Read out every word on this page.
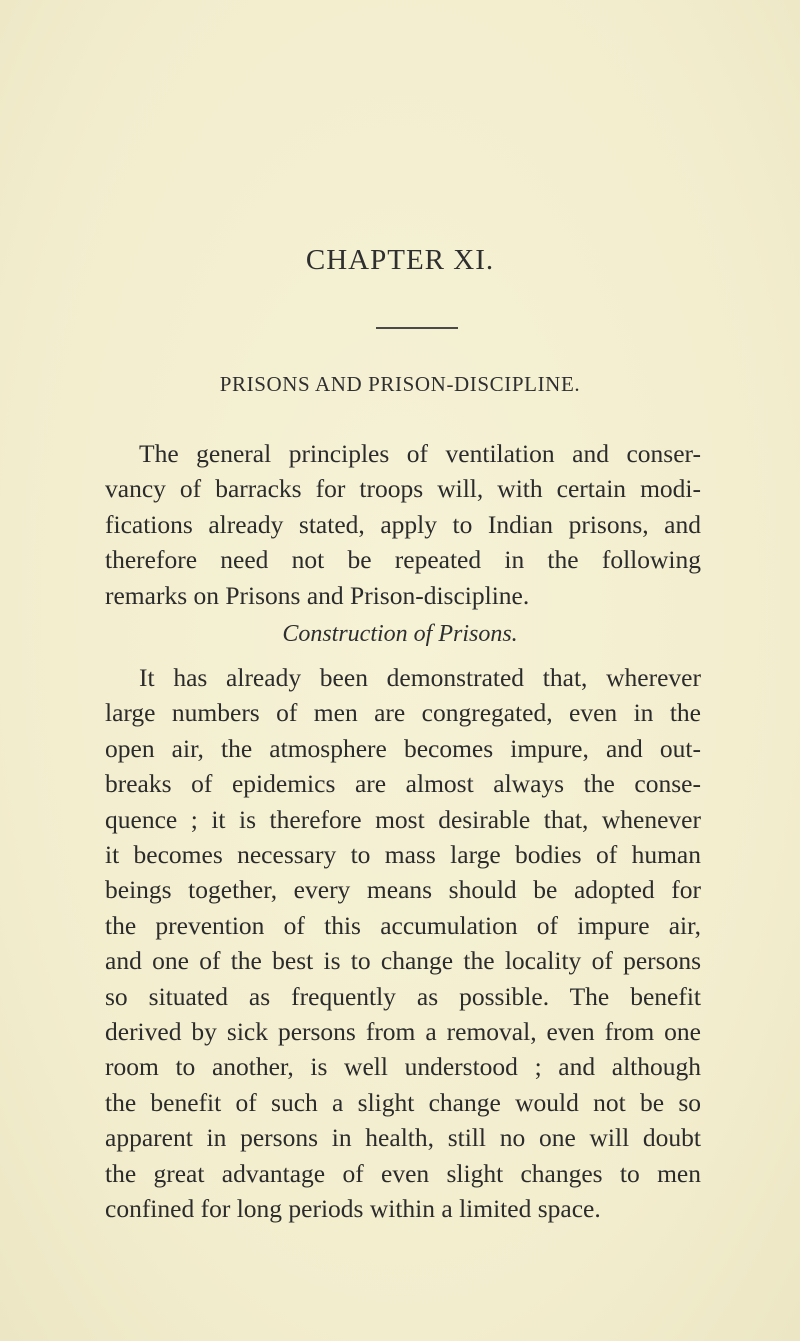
CHAPTER XI.
PRISONS AND PRISON-DISCIPLINE.

The general principles of ventilation and conser-
vancy of barracks for troops will, with certain modi-
fications already stated, apply to Indian prisons, and
therefore need not be repeated in the following
remarks on Prisons and Prison-discipline.

Construction of Prisons.

It has already been demonstrated that, wherever
large numbers of men are congregated, even in the
open air, the atmosphere becomes impure, and out-
breaks of epidemics are almost always the conse-
quence ; it is therefore most desirable that, whenever
it becomes necessary to mass large bodies of human
beings together, every means should be adopted for
the prevention of this accumulation of impure air,
and one of the best is to change the locality of persons
so situated as frequently as possible. The benefit
derived by sick persons from a removal, even from one
room to another, is well understood ; and although
the benefit of such a slight change would not be so
apparent in persons in health, still no one will doubt
the great advantage of even slight changes to men
confined for long periods within a limited space.
